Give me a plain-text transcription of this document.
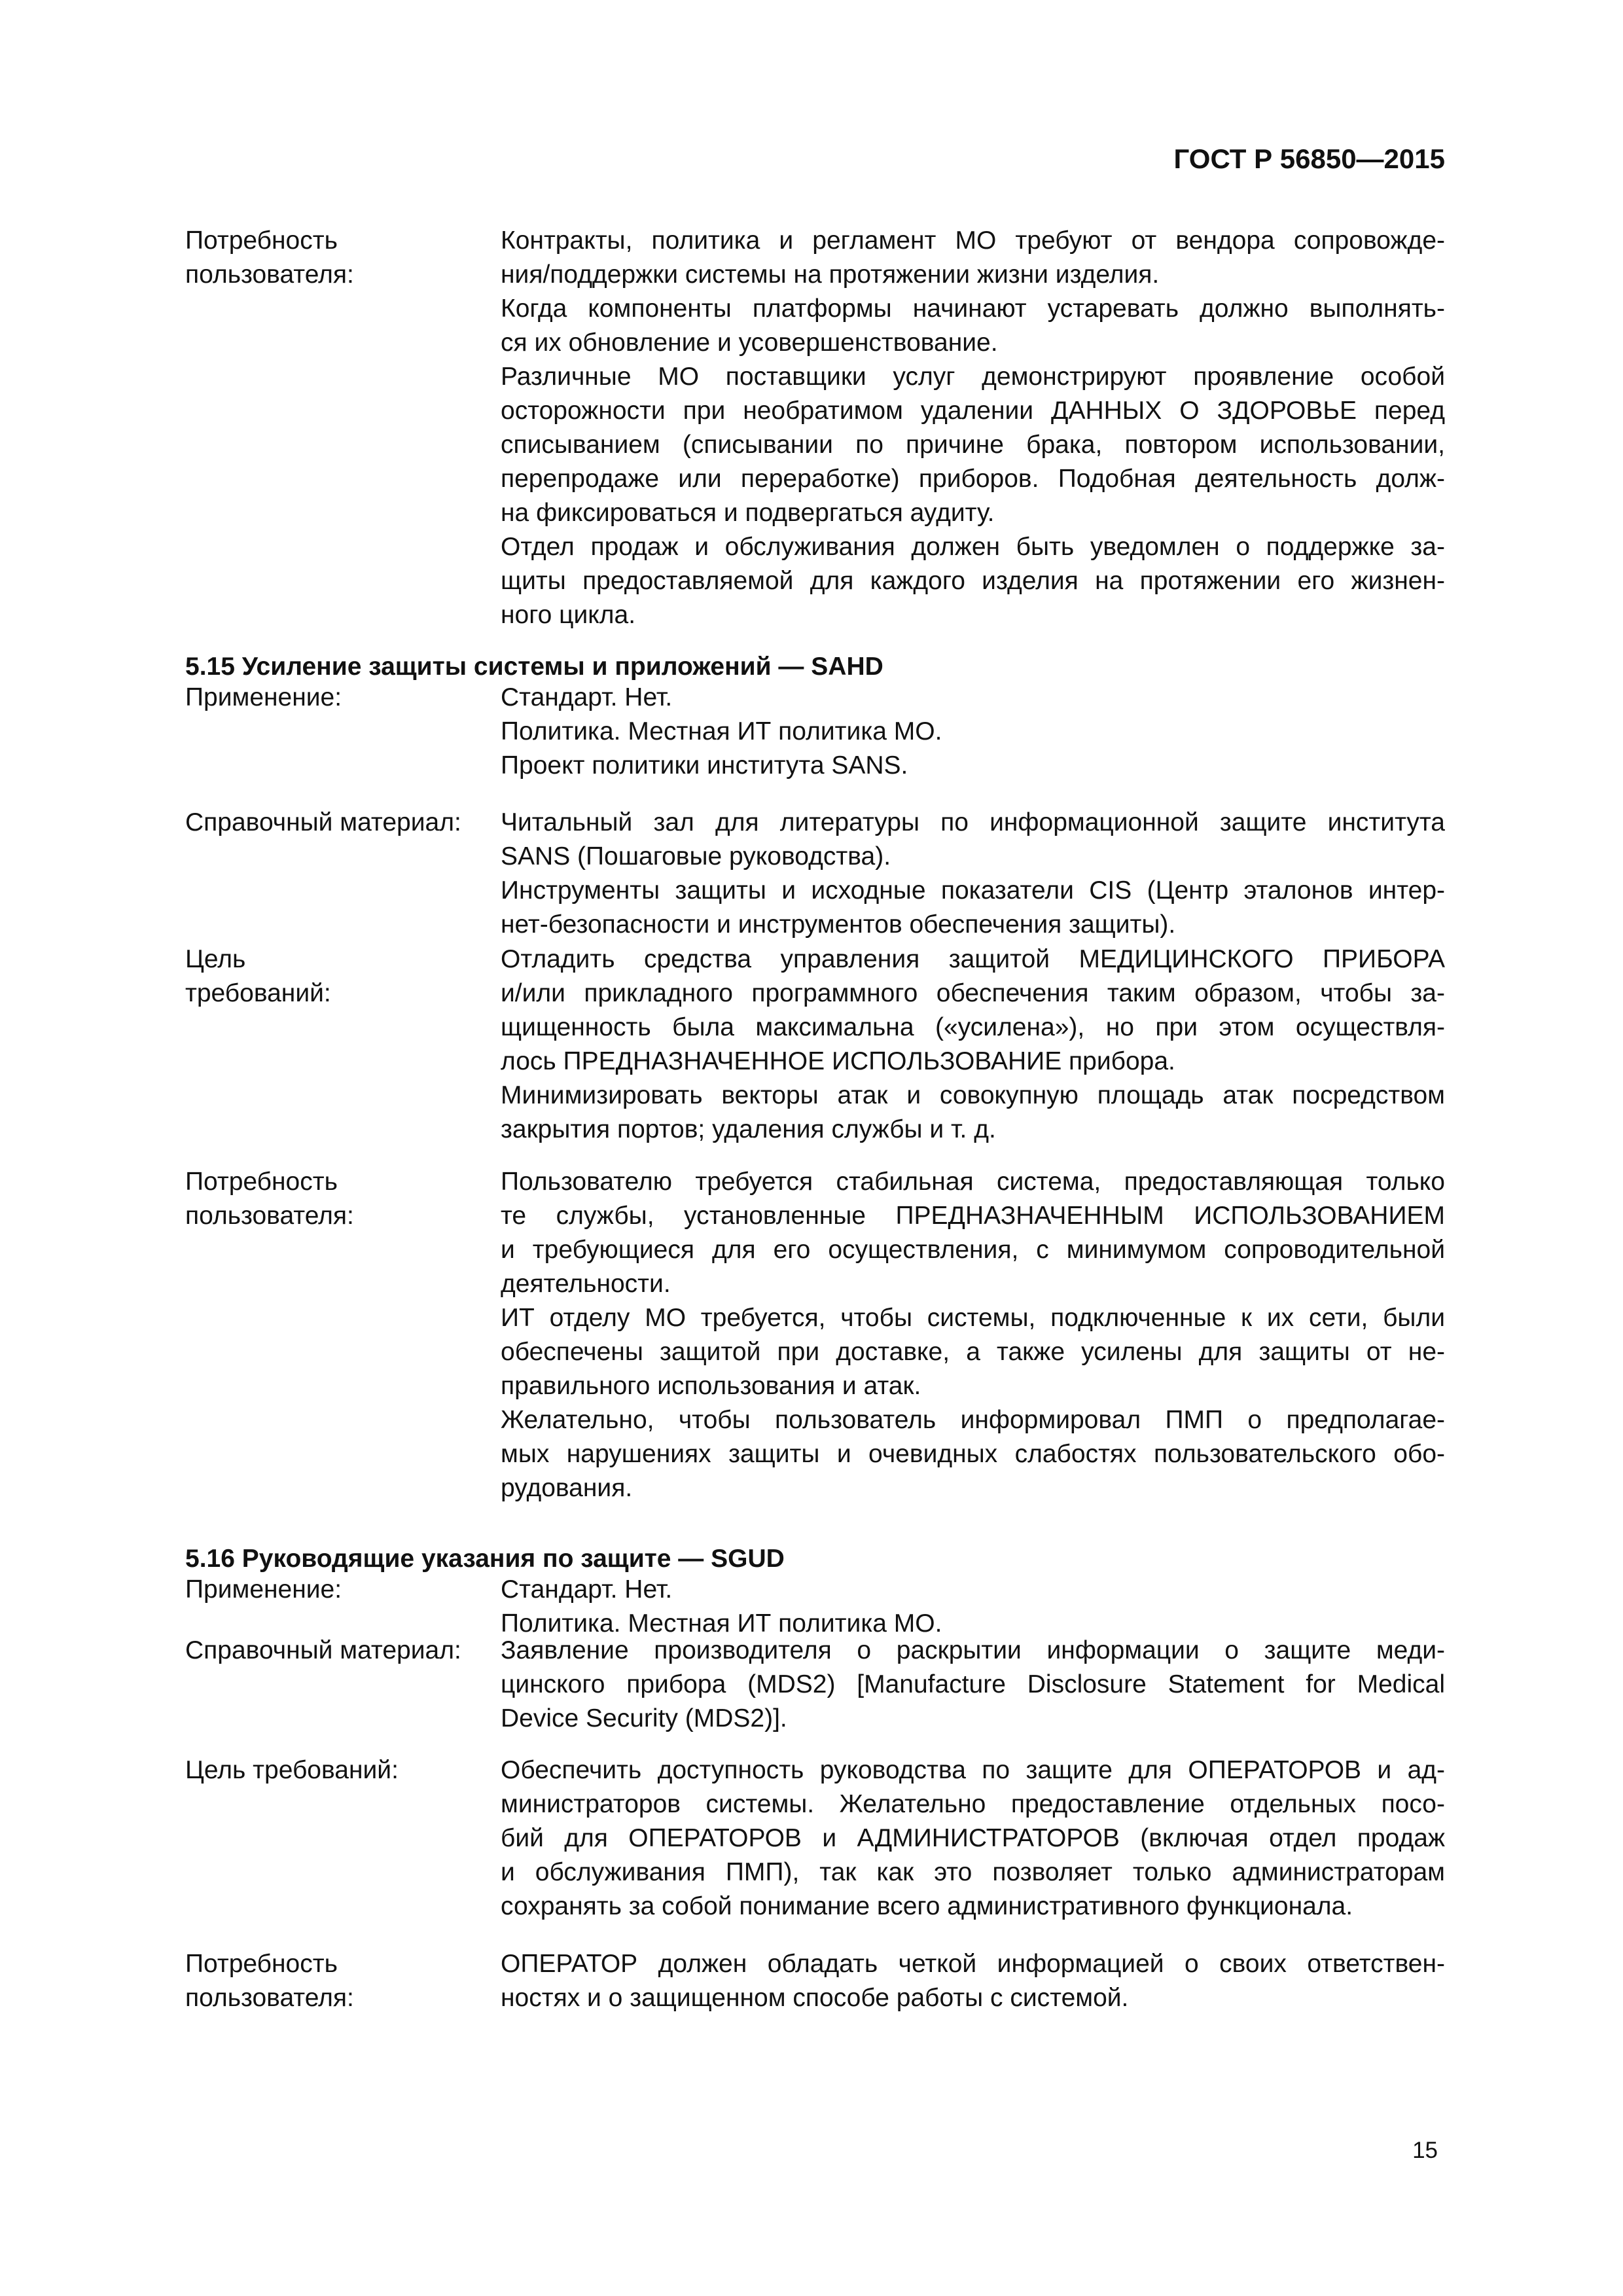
ГОСТ Р 56850—2015
Потребность
пользователя:
Контракты, политика и регламент МО требуют от вендора сопровожде-
ния/поддержки системы на протяжении жизни изделия.
Когда компоненты платформы начинают устаревать должно выполнять-
ся их обновление и усовершенствование.
Различные МО поставщики услуг демонстрируют проявление особой
осторожности при необратимом удалении ДАННЫХ О ЗДОРОВЬЕ перед
списыванием (списывании по причине брака, повтором использовании,
перепродаже или переработке) приборов. Подобная деятельность долж-
на фиксироваться и подвергаться аудиту.
Отдел продаж и обслуживания должен быть уведомлен о поддержке за-
щиты предоставляемой для каждого изделия на протяжении его жизнен-
ного цикла.
5.15 Усиление защиты системы и приложений — SAHD
Применение:	Стандарт. Нет.
Политика. Местная ИТ политика МО.
Проект политики института SANS.
Справочный материал:	Читальный зал для литературы по информационной защите института
SANS (Пошаговые руководства).
Инструменты защиты и исходные показатели CIS (Центр эталонов интер-
нет-безопасности и инструментов обеспечения защиты).
Цель
требований:
Отладить средства управления защитой МЕДИЦИНСКОГО ПРИБОРА
и/или прикладного программного обеспечения таким образом, чтобы за-
щищенность была максимальна («усилена»), но при этом осуществля-
лось ПРЕДНАЗНАЧЕННОЕ ИСПОЛЬЗОВАНИЕ прибора.
Минимизировать векторы атак и совокупную площадь атак посредством
закрытия портов; удаления службы и т. д.
Потребность
пользователя:
Пользователю требуется стабильная система, предоставляющая только
те службы, установленные ПРЕДНАЗНАЧЕННЫМ ИСПОЛЬЗОВАНИЕМ
и требующиеся для его осуществления, с минимумом сопроводительной
деятельности.
ИТ отделу МО требуется, чтобы системы, подключенные к их сети, были
обеспечены защитой при доставке, а также усилены для защиты от не-
правильного использования и атак.
Желательно, чтобы пользователь информировал ПМП о предполагае-
мых нарушениях защиты и очевидных слабостях пользовательского обо-
рудования.
5.16 Руководящие указания по защите — SGUD
Применение:	Стандарт. Нет.
Политика. Местная ИТ политика МО.
Справочный материал:	Заявление производителя о раскрытии информации о защите меди-
цинского прибора (MDS2) [Manufacture Disclosure Statement for Medical
Device Security (MDS2)].
Цель требований:	Обеспечить доступность руководства по защите для ОПЕРАТОРОВ и ад-
министраторов системы. Желательно предоставление отдельных посо-
бий для ОПЕРАТОРОВ и АДМИНИСТРАТОРОВ (включая отдел продаж
и обслуживания ПМП), так как это позволяет только администраторам
сохранять за собой понимание всего административного функционала.
Потребность
пользователя:
ОПЕРАТОР должен обладать четкой информацией о своих ответствен-
ностях и о защищенном способе работы с системой.
15
